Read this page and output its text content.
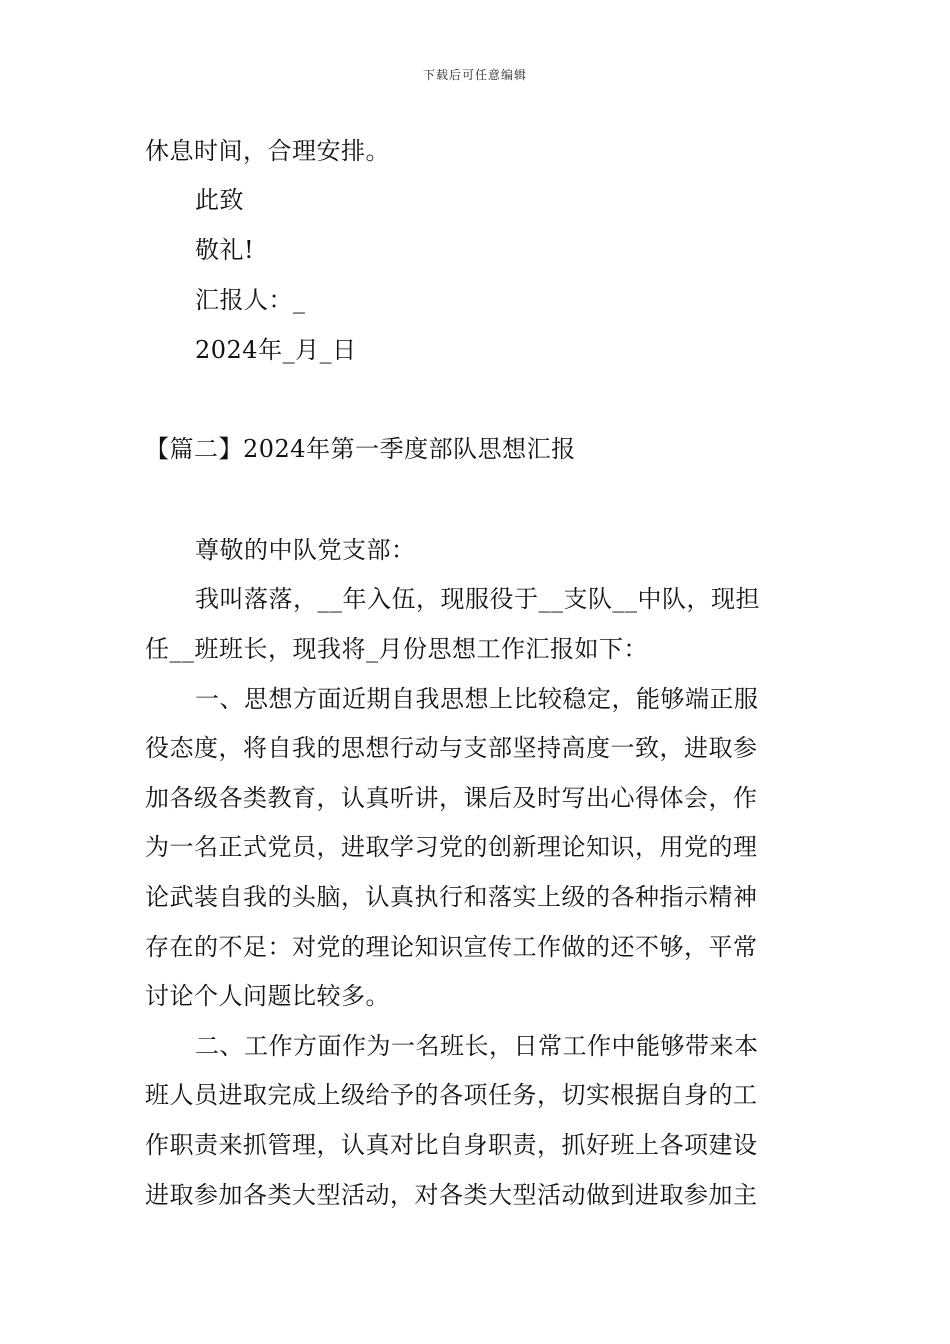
下载后可任意编辑
休息时间，合理安排。
此致
敬礼!
汇报人：_
2024年_月_日
【篇二】2024年第一季度部队思想汇报
尊敬的中队党支部：
我叫落落，__年入伍，现服役于__支队__中队，现担
任__班班长，现我将_月份思想工作汇报如下：
一、思想方面近期自我思想上比较稳定，能够端正服
役态度，将自我的思想行动与支部坚持高度一致，进取参
加各级各类教育，认真听讲，课后及时写出心得体会，作
为一名正式党员，进取学习党的创新理论知识，用党的理
论武装自我的头脑，认真执行和落实上级的各种指示精神
存在的不足：对党的理论知识宣传工作做的还不够，平常
讨论个人问题比较多。
二、工作方面作为一名班长，日常工作中能够带来本
班人员进取完成上级给予的各项任务，切实根据自身的工
作职责来抓管理，认真对比自身职责，抓好班上各项建设
进取参加各类大型活动，对各类大型活动做到进取参加主
